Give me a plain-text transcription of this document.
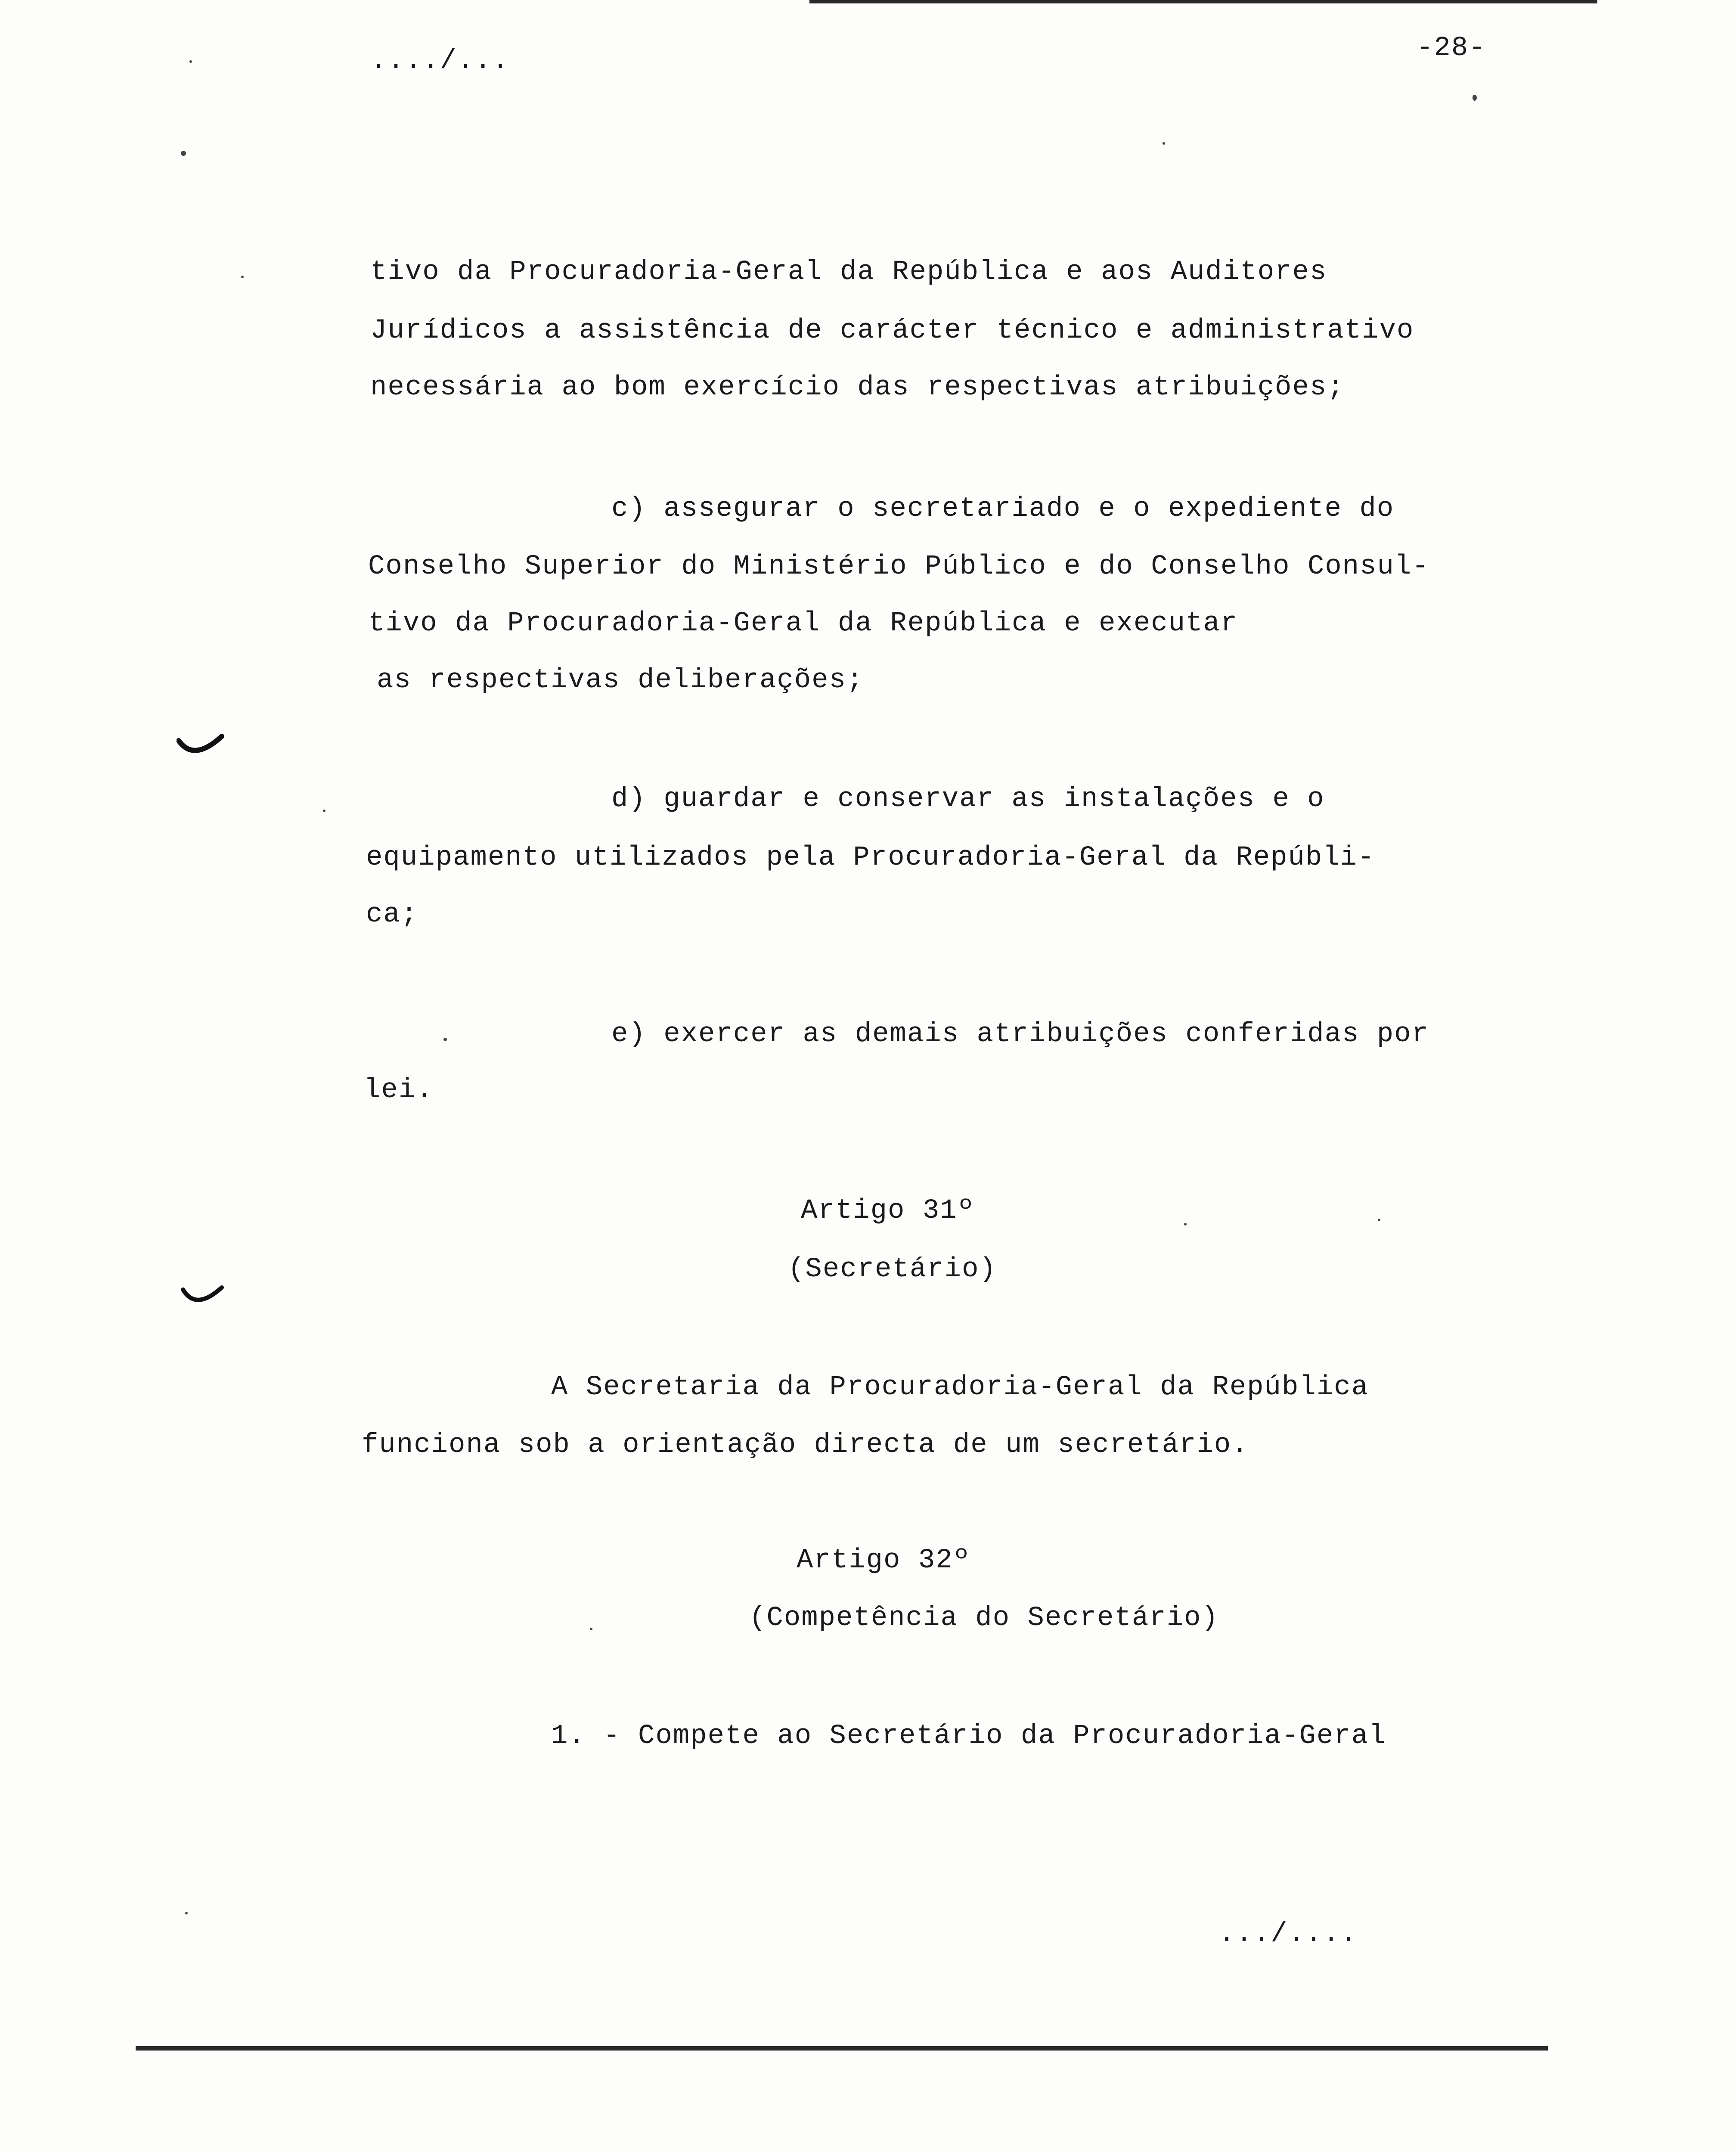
..../...	-28-
tivo da Procuradoria-Geral da República e aos Auditores
Jurídicos a assistência de carácter técnico e administrativo
necessária ao bom exercício das respectivas atribuições;
c) assegurar o secretariado e o expediente do
Conselho Superior do Ministério Público e do Conselho Consul-
tivo da Procuradoria-Geral da República e executar
as respectivas deliberações;
d) guardar e conservar as instalações e o
equipamento utilizados pela Procuradoria-Geral da Repúbli-
ca;
e) exercer as demais atribuições conferidas por
lei.
Artigo 31º
(Secretário)
A Secretaria da Procuradoria-Geral da República
funciona sob a orientação directa de um secretário.
Artigo 32º
(Competência do Secretário)
1. - Compete ao Secretário da Procuradoria-Geral
.../....
